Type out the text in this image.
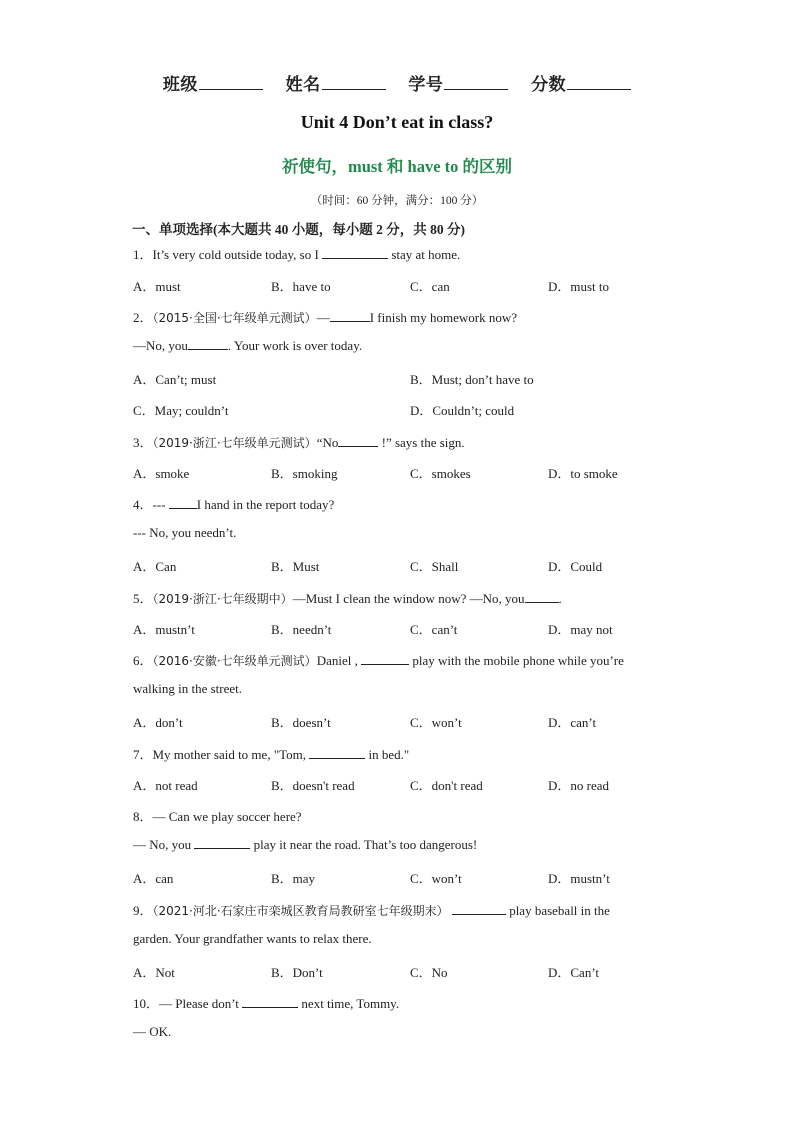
班级	姓名	学号	分数
Unit 4 Don’t eat in class?
祈使句，must 和 have to 的区别
（时间：60 分钟，满分：100 分）
一、单项选择(本大题共 40 小题，每小题 2 分，共 80 分)
1．It’s very cold outside today, so I	stay at home.
A．must	B．have to	C．can	D．must to
2．（2015·全国·七年级单元测试）—	I finish my homework now?
—No, you	. Your work is over today.
A．Can’t; must	B．Must; don’t have to
C．May; couldn’t	D．Couldn’t; could
3．（2019·浙江·七年级单元测试）“No	!” says the sign.
A．smoke	B．smoking	C．smokes	D．to smoke
4．--- I hand in the report today?
--- No, you needn’t.
A．Can	B．Must	C．Shall	D．Could
5．（2019·浙江·七年级期中）—Must I clean the window now? —No, you	.
A．mustn’t	B．needn’t	C．can’t	D．may not
6．（2016·安徽·七年级单元测试）Daniel ,	play with the mobile phone while you’re
walking in the street.
A．don’t	B．doesn’t	C．won’t	D．can’t
7．My mother said to me, "Tom,	in bed."
A．not read	B．doesn't read	C．don't read	D．no read
8．— Can we play soccer here?
— No, you	play it near the road. That’s too dangerous!
A．can	B．may	C．won’t	D．mustn’t
9．（2021·河北·石家庄市栾城区教育局教研室七年级期末）	play baseball in the
garden. Your grandfather wants to relax there.
A．Not	B．Don’t	C．No	D．Can’t
10．— Please don’t	next time, Tommy.
— OK.
